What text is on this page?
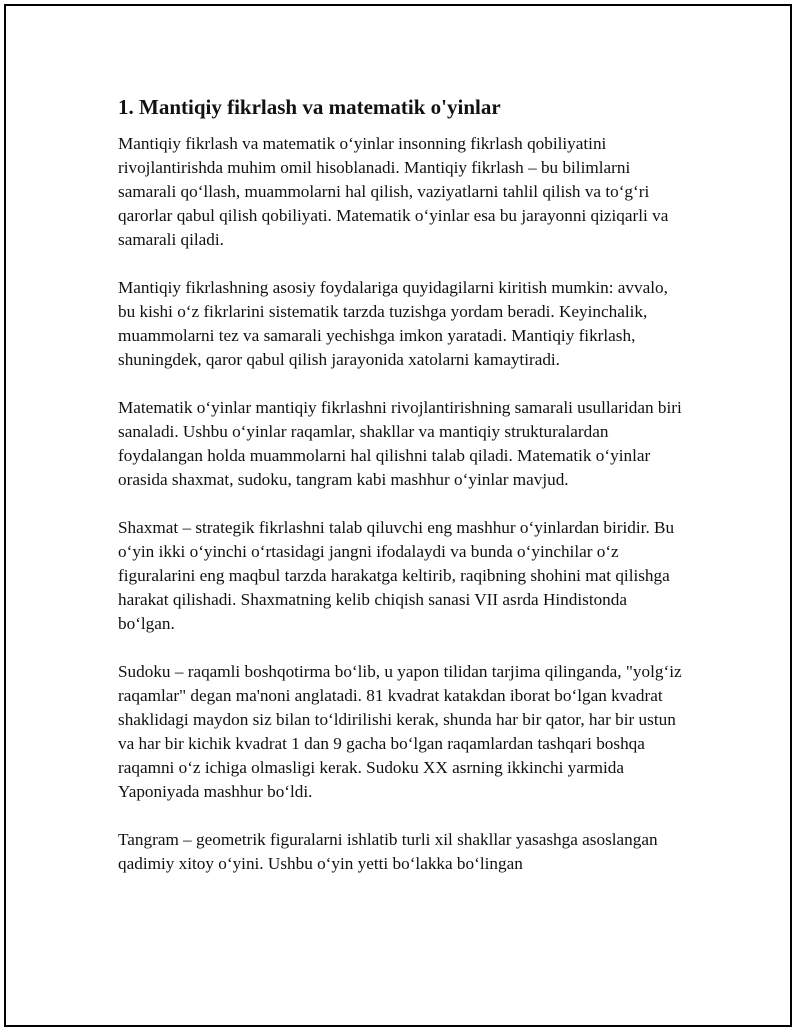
1. Mantiqiy fikrlash va matematik o'yinlar

Mantiqiy fikrlash va matematik o‘yinlar insonning fikrlash qobiliyatini rivojlantirishda muhim omil hisoblanadi. Mantiqiy fikrlash – bu bilimlarni samarali qo‘llash, muammolarni hal qilish, vaziyatlarni tahlil qilish va to‘g‘ri qarorlar qabul qilish qobiliyati. Matematik o‘yinlar esa bu jarayonni qiziqarli va samarali qiladi.

Mantiqiy fikrlashning asosiy foydalariga quyidagilarni kiritish mumkin: avvalo, bu kishi o‘z fikrlarini sistematik tarzda tuzishga yordam beradi. Keyinchalik, muammolarni tez va samarali yechishga imkon yaratadi. Mantiqiy fikrlash, shuningdek, qaror qabul qilish jarayonida xatolarni kamaytiradi.

Matematik o‘yinlar mantiqiy fikrlashni rivojlantirishning samarali usullaridan biri sanaladi. Ushbu o‘yinlar raqamlar, shakllar va mantiqiy strukturalardan foydalangan holda muammolarni hal qilishni talab qiladi. Matematik o‘yinlar orasida shaxmat, sudoku, tangram kabi mashhur o‘yinlar mavjud.

Shaxmat – strategik fikrlashni talab qiluvchi eng mashhur o‘yinlardan biridir. Bu o‘yin ikki o‘yinchi o‘rtasidagi jangni ifodalaydi va bunda o‘yinchilar o‘z figuralarini eng maqbul tarzda harakatga keltirib, raqibning shohini mat qilishga harakat qilishadi. Shaxmatning kelib chiqish sanasi VII asrda Hindistonda bo‘lgan.

Sudoku – raqamli boshqotirma bo‘lib, u yapon tilidan tarjima qilinganda, "yolg‘iz raqamlar" degan ma'noni anglatadi. 81 kvadrat katakdan iborat bo‘lgan kvadrat shaklidagi maydon siz bilan to‘ldirilishi kerak, shunda har bir qator, har bir ustun va har bir kichik kvadrat 1 dan 9 gacha bo‘lgan raqamlardan tashqari boshqa raqamni o‘z ichiga olmasligi kerak. Sudoku XX asrning ikkinchi yarmida Yaponiyada mashhur bo‘ldi.

Tangram – geometrik figuralarni ishlatib turli xil shakllar yasashga asoslangan qadimiy xitoy o‘yini. Ushbu o‘yin yetti bo‘lakka bo‘lingan
